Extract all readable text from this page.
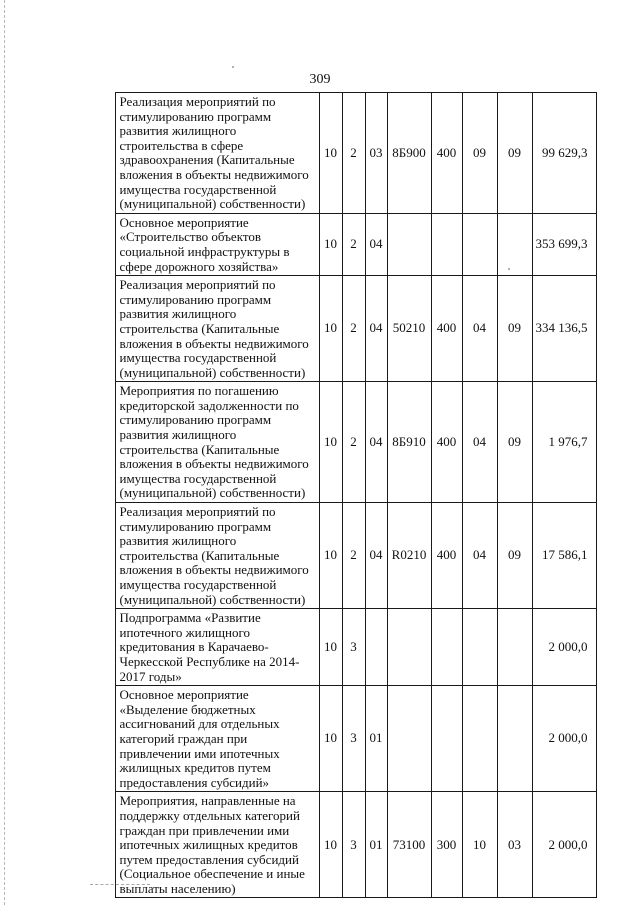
309
	Реализация мероприятий по стимулированию программ развития жилищного строительства в сфере здравоохранения (Капитальные вложения в объекты недвижимого имущества государственной (муниципальной) собственности)	10	2	03	8Б900	400	09	09	99 629,3
	Основное мероприятие «Строительство объектов социальной инфраструктуры в сфере дорожного хозяйства»	10	2	04					353 699,3
	Реализация мероприятий по стимулированию программ развития жилищного строительства (Капитальные вложения в объекты недвижимого имущества государственной (муниципальной) собственности)	10	2	04	50210	400	04	09	334 136,5
	Мероприятия по погашению кредиторской задолженности по стимулированию программ развития жилищного строительства (Капитальные вложения в объекты недвижимого имущества государственной (муниципальной) собственности)	10	2	04	8Б910	400	04	09	1 976,7
	Реализация мероприятий по стимулированию программ развития жилищного строительства (Капитальные вложения в объекты недвижимого имущества государственной (муниципальной) собственности)	10	2	04	R0210	400	04	09	17 586,1
	Подпрограмма «Развитие ипотечного жилищного кредитования в Карачаево-Черкесской Республике на 2014-2017 годы»	10	3						2 000,0
	Основное мероприятие «Выделение бюджетных ассигнований для отдельных категорий граждан при привлечении ими ипотечных жилищных кредитов путем предоставления субсидий»	10	3	01					2 000,0
	Мероприятия, направленные на поддержку отдельных категорий граждан при привлечении ими ипотечных жилищных кредитов путем предоставления субсидий (Социальное обеспечение и иные выплаты населению)	10	3	01	73100	300	10	03	2 000,0
